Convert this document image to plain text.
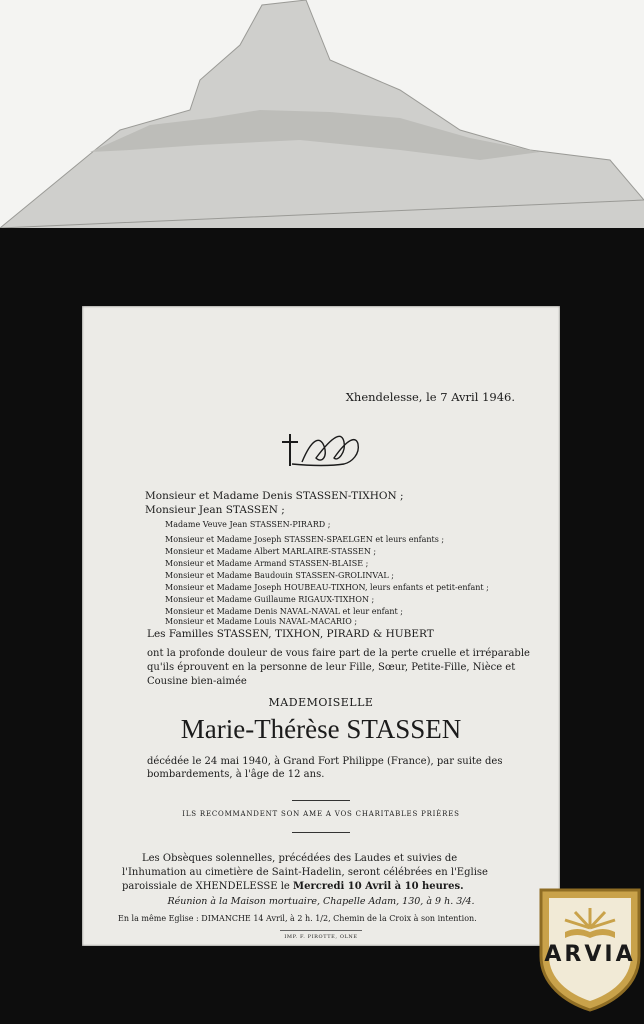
Xhendelesse, le 7 Avril 1946.
Monsieur et Madame Denis STASSEN-TIXHON ;
Monsieur Jean STASSEN ;
Madame Veuve Jean STASSEN-PIRARD ;
Monsieur et Madame Joseph STASSEN-SPAELGEN et leurs enfants ;
Monsieur et Madame Albert MARLAIRE-STASSEN ;
Monsieur et Madame Armand STASSEN-BLAISE ;
Monsieur et Madame Baudouin STASSEN-GROLINVAL ;
Monsieur et Madame Joseph HOUBEAU-TIXHON, leurs enfants et petit-enfant ;
Monsieur et Madame Guillaume RIGAUX-TIXHON ;
Monsieur et Madame Denis NAVAL-NAVAL et leur enfant ;
Monsieur et Madame Louis NAVAL-MACARIO ;
Les Familles STASSEN, TIXHON, PIRARD & HUBERT
ont la profonde douleur de vous faire part de la perte cruelle et irréparable
qu'ils éprouvent en la personne de leur Fille, Sœur, Petite-Fille, Nièce et
Cousine bien-aimée
MADEMOISELLE
Marie-Thérèse STASSEN
décédée le 24 mai 1940, à Grand Fort Philippe (France), par suite des
bombardements, à l'âge de 12 ans.
ILS RECOMMANDENT SON AME A VOS CHARITABLES PRIÈRES
Les Obsèques solennelles, précédées des Laudes et suivies de
l'Inhumation au cimetière de Saint-Hadelin, seront célébrées en l'Eglise
paroissiale de XHENDELESSE le Mercredi 10 Avril à 10 heures.
Réunion à la Maison mortuaire, Chapelle Adam, 130, à 9 h. 3/4.
En la même Eglise : DIMANCHE 14 Avril, à 2 h. 1/2, Chemin de la Croix à son intention.
IMP. F. PIROTTE, OLNE
ARVIA
